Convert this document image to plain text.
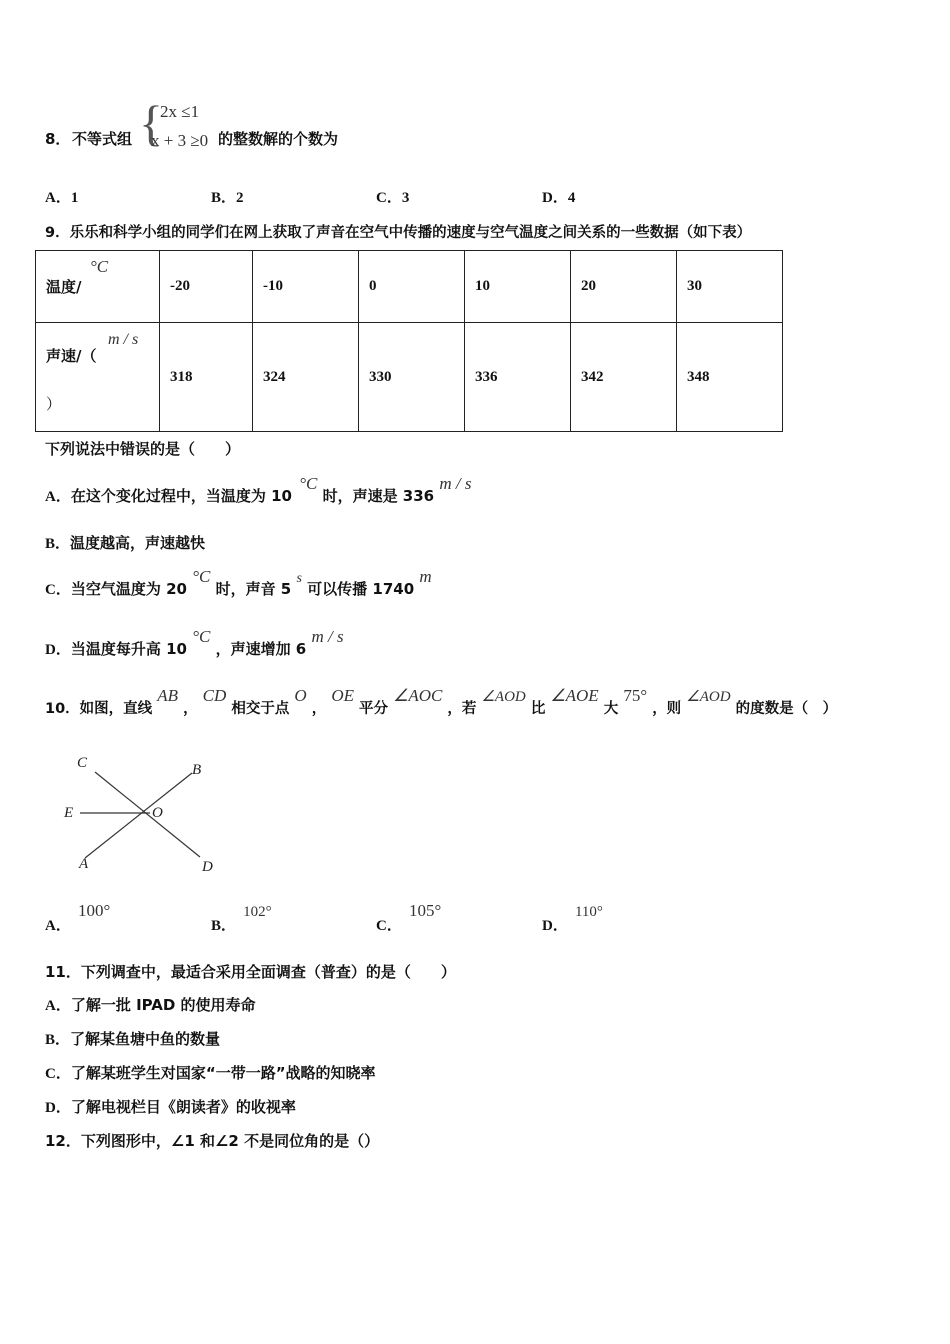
8． 不等式组 {
2x ≤1
x + 3 ≥0 的整数解的个数为
A．1	B．2	C．3	D．4
9．乐乐和科学小组的同学们在网上获取了声音在空气中传播的速度与空气温度之间关系的一些数据（如下表）
温度/
°C	-20	-10	0	10	20	30

声速/（
m / s
）	318	324	330	336	342	348
下列说法中错误的是（　　）
A．在这个变化过程中，当温度为 10 °C 时，声速是 336 m / s
B．温度越高，声速越快
C．当空气温度为 20 °C 时，声音 5 s 可以传播 1740 m
D．当温度每升高 10 °C ，声速增加 6 m / s
10．如图，直线 AB ， CD 相交于点 O ， OE 平分 ∠AOC ，若 ∠AOD 比 ∠AOE 大 75° ，则 ∠AOD 的度数是（　）
C	B
E	O
A	D
A． 100°
B． 102°
C． 105°
D． 110°
11．下列调查中，最适合采用全面调查（普查）的是（　　）
A．了解一批 IPAD 的使用寿命
B．了解某鱼塘中鱼的数量
C．了解某班学生对国家“一带一路”战略的知晓率
D．了解电视栏目《朗读者》的收视率
12．下列图形中，∠1 和∠2 不是同位角的是（）
